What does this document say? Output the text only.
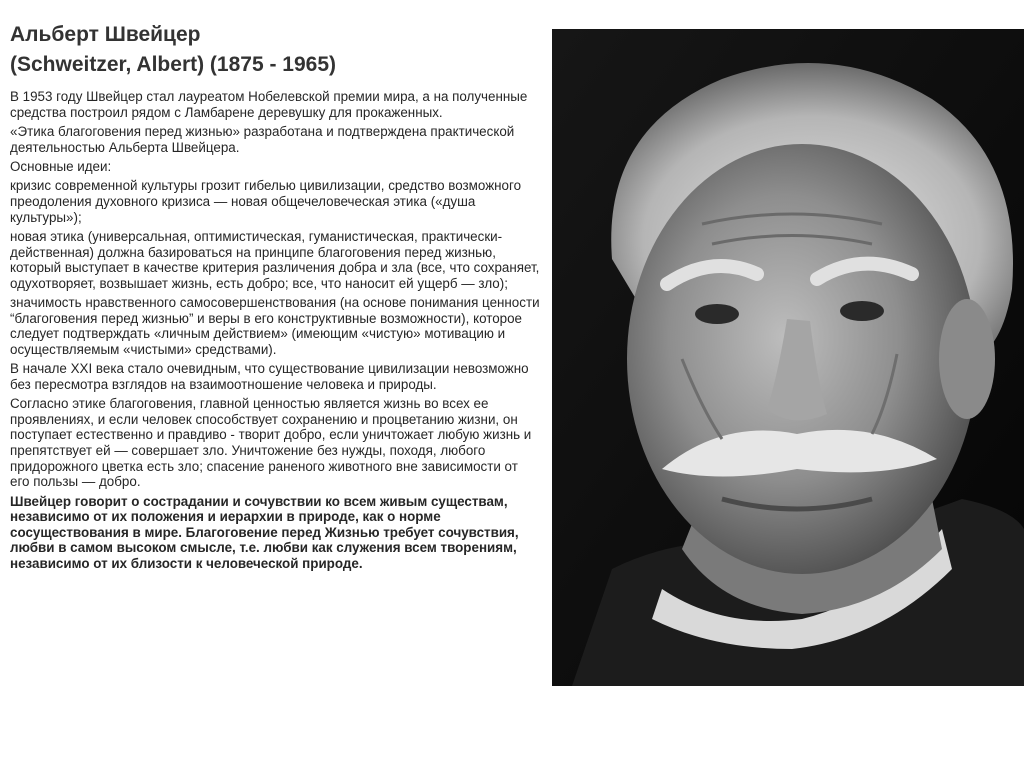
Альберт Швейцер
(Schweitzer, Albert) (1875 - 1965)

В 1953 году Швейцер стал лауреатом Нобелевской премии мира, а на полученные средства построил рядом с Ламбарене деревушку для прокаженных.

«Этика благоговения перед жизнью» разработана и подтверждена практической деятельностью Альберта Швейцера.

Основные идеи:

кризис современной культуры грозит гибелью цивилизации, средство возможного преодоления духовного кризиса — новая общечеловеческая этика («душа культуры»);

новая этика (универсальная, оптимистическая, гуманистическая, практически-действенная) должна базироваться на принципе благоговения перед жизнью, который выступает в качестве критерия различения добра и зла (все, что сохраняет, одухотворяет, возвышает жизнь, есть добро; все, что наносит ей ущерб — зло);

значимость нравственного самосовершенствования (на основе понимания ценности “благоговения перед жизнью” и веры в его конструктивные возможности), которое следует подтверждать «личным действием» (имеющим «чистую» мотивацию и осуществляемым «чистыми» средствами).

В начале XXI века стало очевидным, что существование цивилизации невозможно без пересмотра взглядов на взаимоотношение человека и природы.

Согласно этике благоговения, главной ценностью является жизнь во всех ее проявлениях, и если человек способствует сохранению и процветанию жизни, он поступает естественно и правдиво - творит добро, если уничтожает любую жизнь и препятствует ей — совершает зло. Уничтожение без нужды, походя, любого придорожного цветка есть зло; спасение раненого животного вне зависимости от его пользы — добро.

Швейцер говорит о сострадании и сочувствии ко всем живым существам, независимо от их положения и иерархии в природе, как о норме сосуществования в мире. Благоговение перед Жизнью требует сочувствия, любви в самом высоком смысле, т.е. любви как служения всем творениям, независимо от их близости к человеческой природе.
